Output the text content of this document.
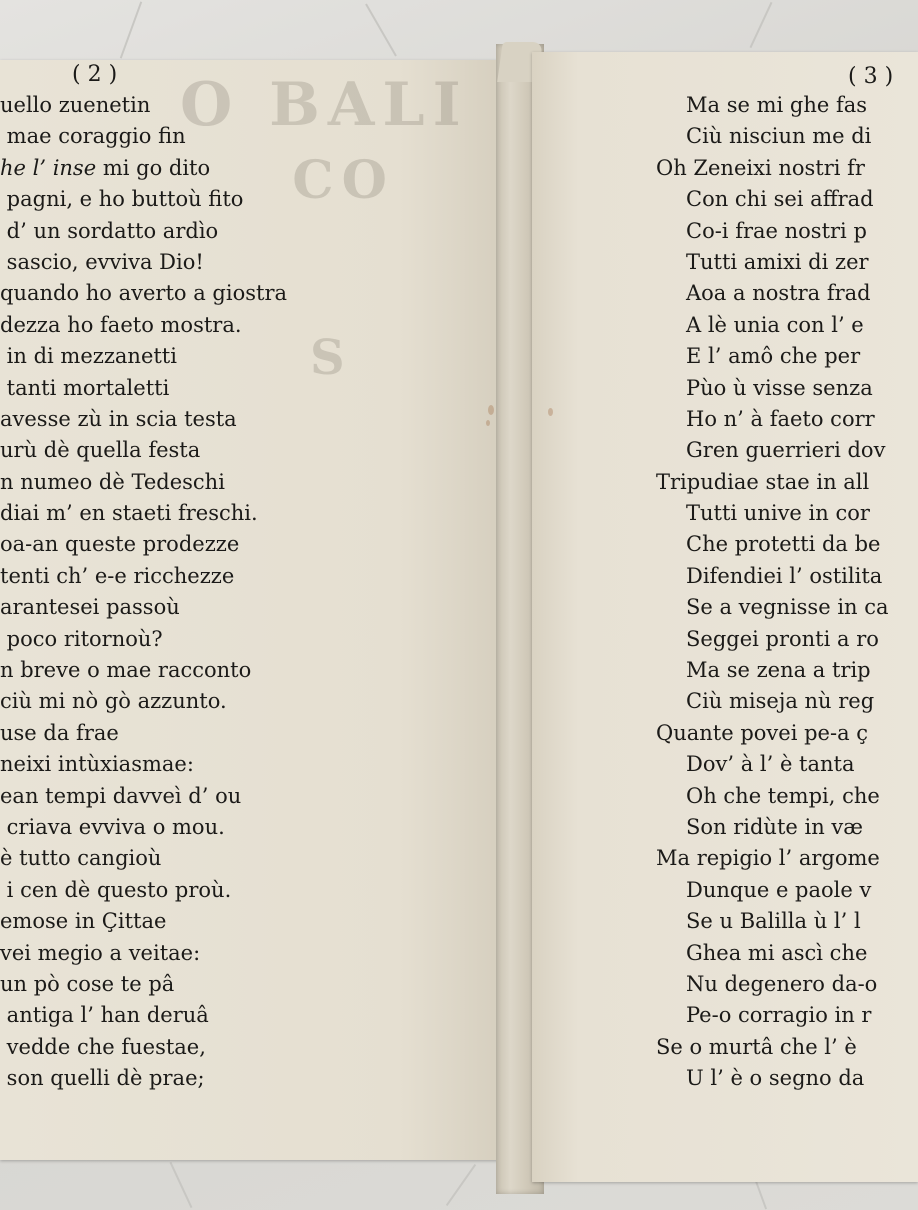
O BALI
CO
S
( 2 )
uello zuenetin
mae coraggio fin
he l’ inse mi go dito
pagni, e ho buttoù fito
d’ un sordatto ardìo
sascio, evviva Dio!
quando ho averto a giostra
dezza ho faeto mostra.
in di mezzanetti
tanti mortaletti
avesse zù in scia testa
urù dè quella festa
n numeo dè Tedeschi
diai m’ en staeti freschi.
oa-an queste prodezze
tenti ch’ e-e ricchezze
arantesei passoù
poco ritornoù?
n breve o mae racconto
ciù mi nò gò azzunto.
use da frae
neixi intùxiasmae:
ean tempi davveì d’ ou
criava evviva o mou.
è tutto cangioù
i cen dè questo proù.
emose in Çittae
vei megio a veitae:
un pò cose te pâ
antiga l’ han deruâ
vedde che fuestae,
son quelli dè prae;
( 3 )
Ma se mi ghe fas
Ciù nisciun me di
Oh Zeneixi nostri fr
Con chi sei affrad
Co-i frae nostri p
Tutti amixi di zer
Aoa a nostra frad
A lè unia con l’ e
E l’ amô che per
Pùo ù visse senza
Ho n’ à faeto corr
Gren guerrieri dov
Tripudiae stae in all
Tutti unive in cor
Che protetti da be
Difendiei l’ ostilita
Se a vegnisse in ca
Seggei pronti a ro
Ma se zena a trip
Ciù miseja nù reg
Quante povei pe-a ç
Dov’ à l’ è tanta
Oh che tempi, che
Son ridùte in væ
Ma repigio l’ argome
Dunque e paole v
Se u Balilla ù l’ l
Ghea mi ascì che
Nu degenero da-o
Pe-o corragio in r
Se o murtâ che l’ è
U l’ è o segno da
